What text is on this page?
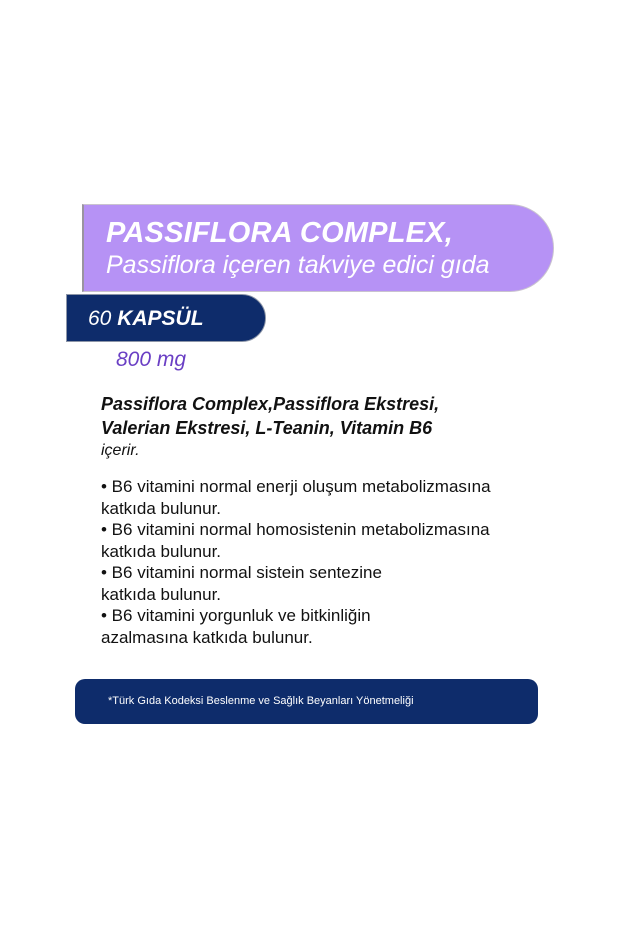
PASSIFLORA COMPLEX,
Passiflora içeren takviye edici gıda
60 KAPSÜL
800 mg
Passiflora Complex,Passiflora Ekstresi,
Valerian Ekstresi, L-Teanin, Vitamin B6
içerir.
• B6 vitamini normal enerji oluşum metabolizmasına
katkıda bulunur.
• B6 vitamini normal homosistenin metabolizmasına
katkıda bulunur.
• B6 vitamini normal sistein sentezine
katkıda bulunur.
• B6 vitamini yorgunluk ve bitkinliğin
azalmasına katkıda bulunur.
*Türk Gıda Kodeksi Beslenme ve Sağlık Beyanları Yönetmeliği
